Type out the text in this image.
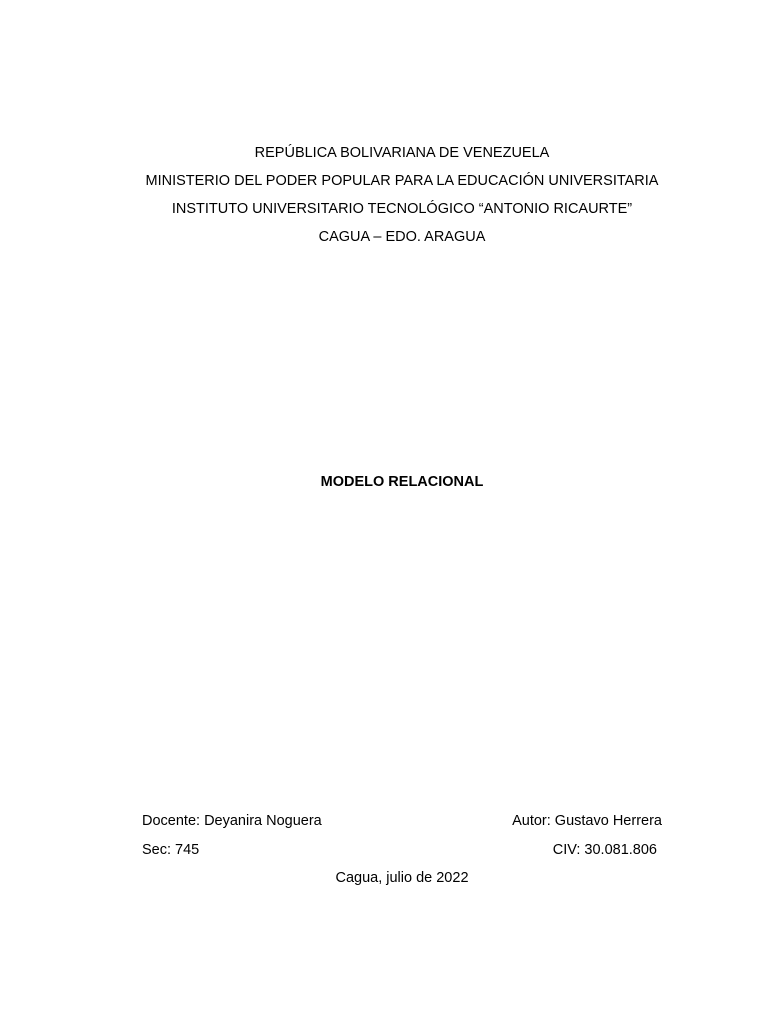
REPÚBLICA BOLIVARIANA DE VENEZUELA
MINISTERIO DEL PODER POPULAR PARA LA EDUCACIÓN UNIVERSITARIA
INSTITUTO UNIVERSITARIO TECNOLÓGICO “ANTONIO RICAURTE”
CAGUA – EDO. ARAGUA
MODELO RELACIONAL
Docente: Deyanira Noguera	Autor: Gustavo Herrera
Sec: 745	CIV: 30.081.806
Cagua, julio de 2022
